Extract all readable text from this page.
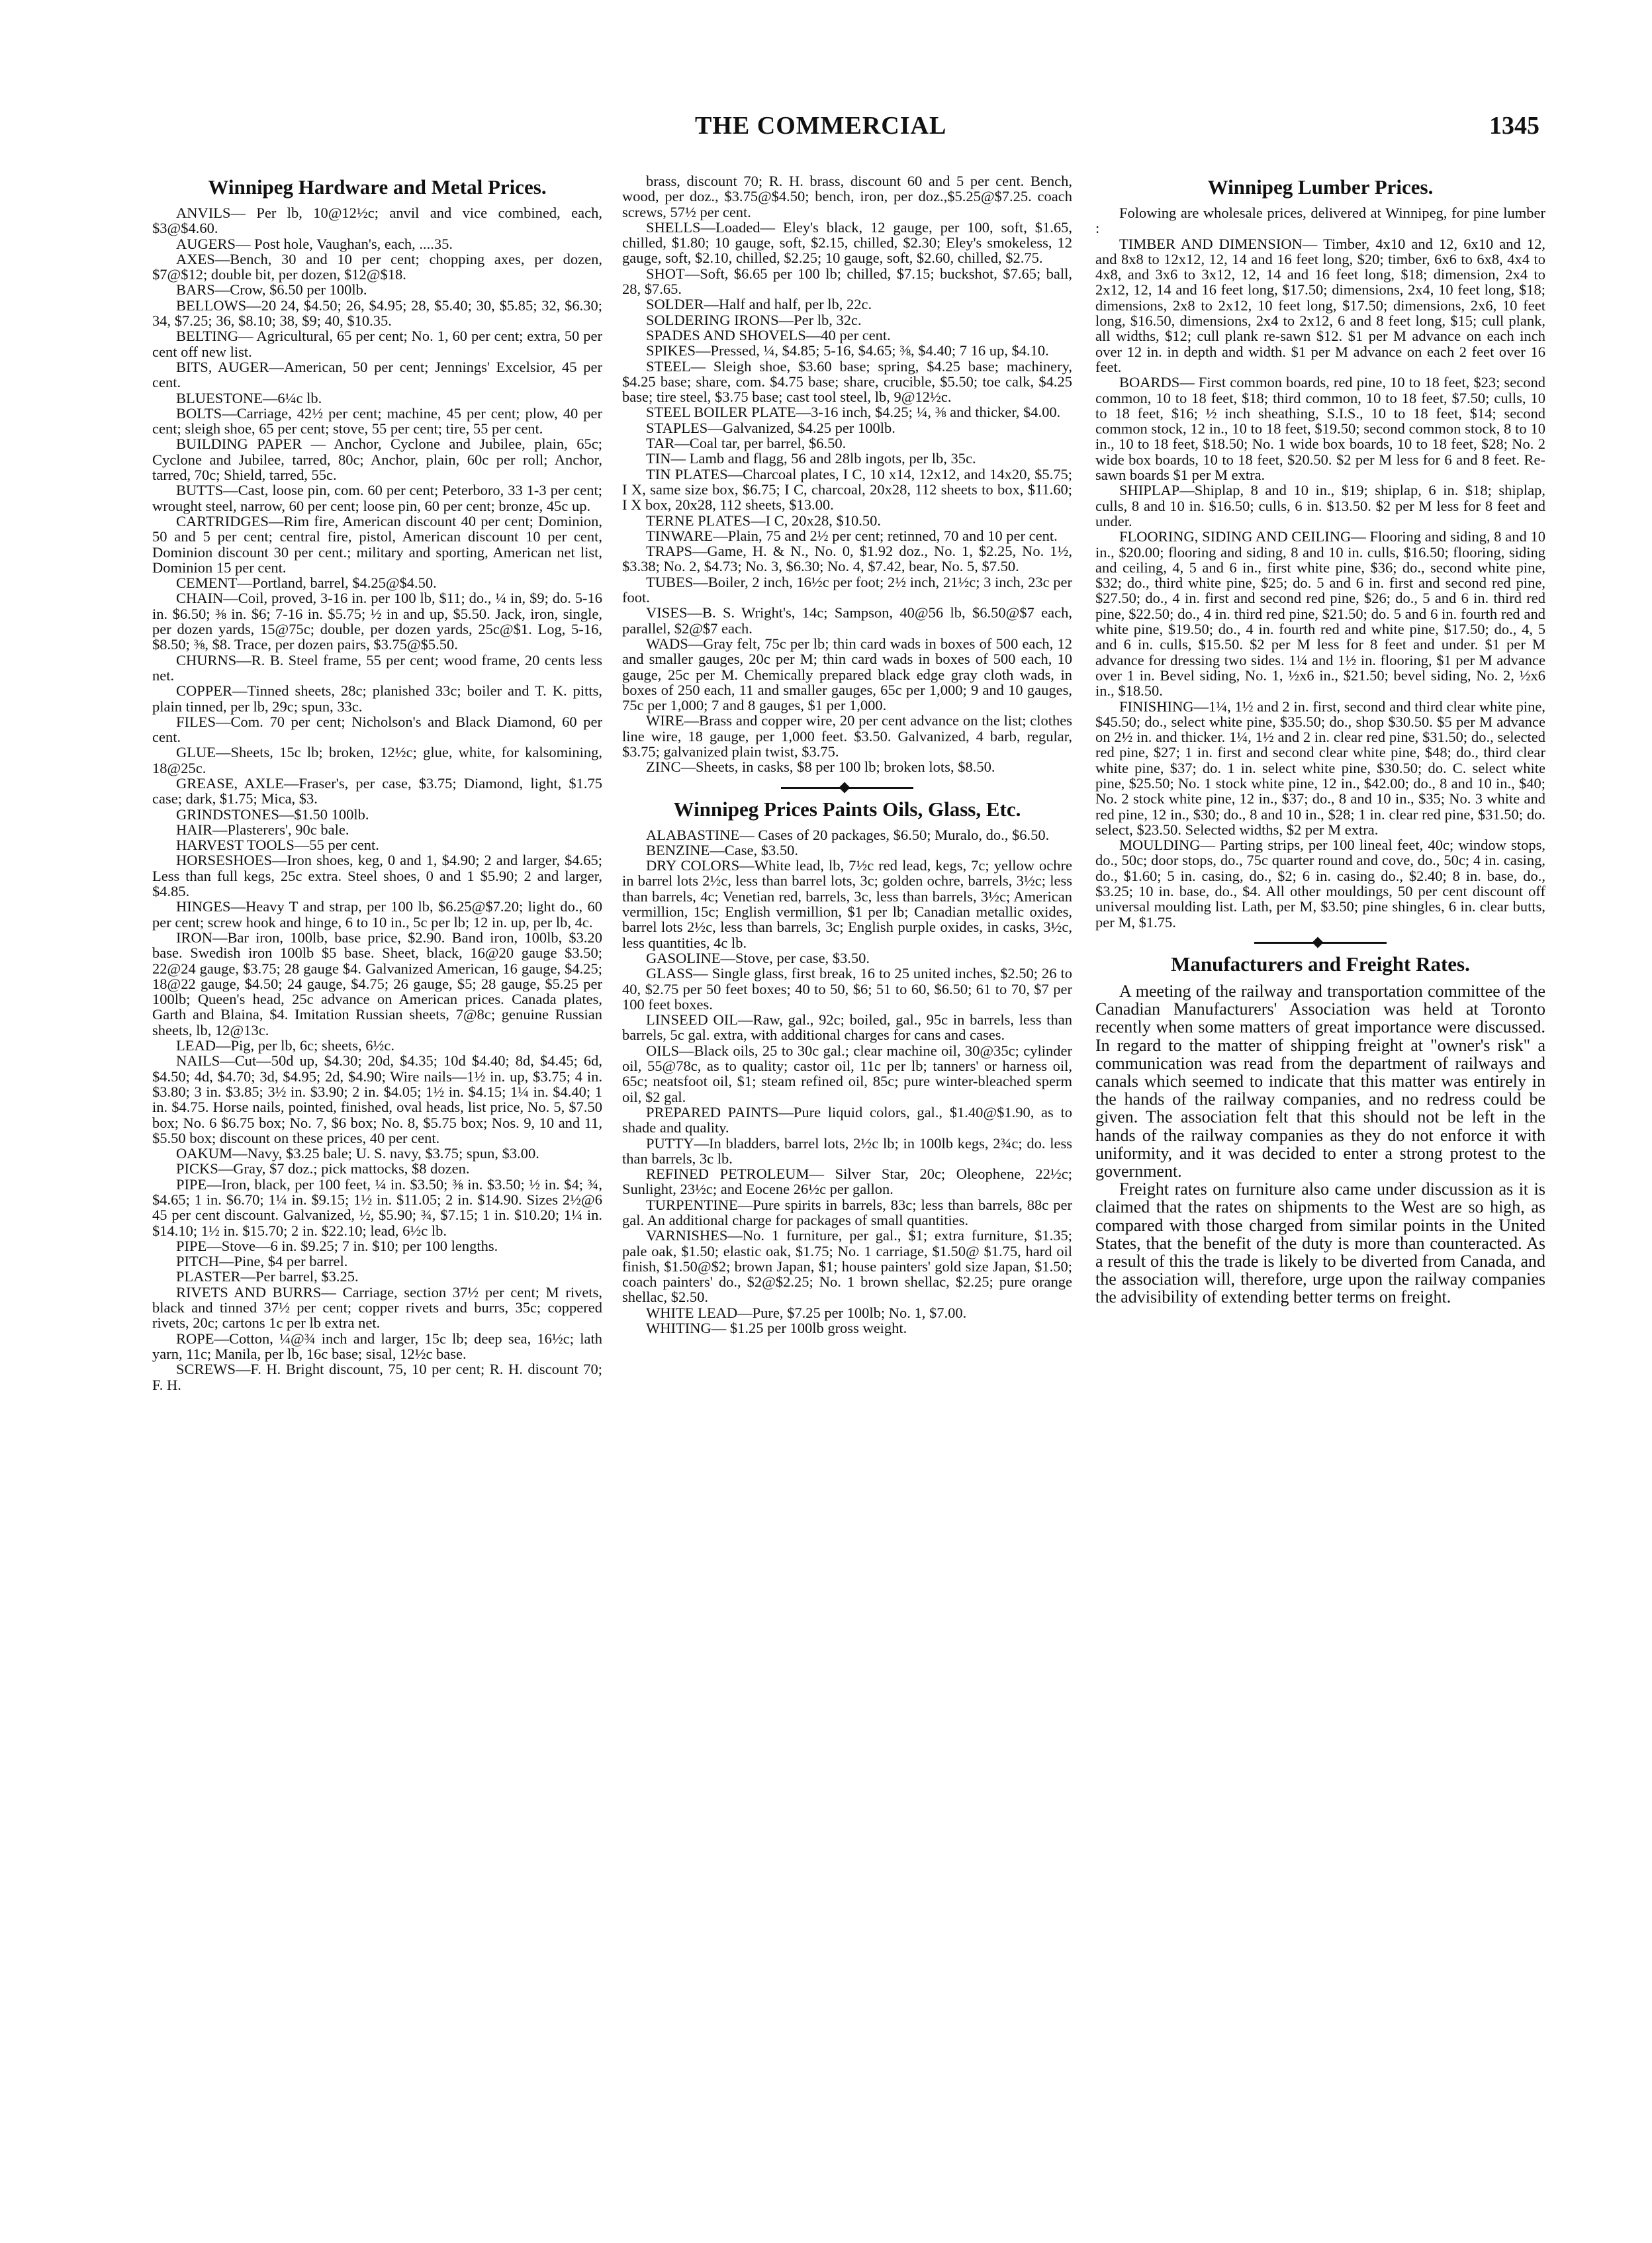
THE COMMERCIAL	1345
Winnipeg Hardware and Metal Prices.

ANVILS— Per lb, 10@12½c; anvil and vice combined, each, $3@$4.60.

AUGERS— Post hole, Vaughan's, each, ....35.

AXES—Bench, 30 and 10 per cent; chopping axes, per dozen, $7@$12; double bit, per dozen, $12@$18.

BARS—Crow, $6.50 per 100lb.

BELLOWS—20 24, $4.50; 26, $4.95; 28, $5.40; 30, $5.85; 32, $6.30; 34, $7.25; 36, $8.10; 38, $9; 40, $10.35.

BELTING— Agricultural, 65 per cent; No. 1, 60 per cent; extra, 50 per cent off new list.

BITS, AUGER—American, 50 per cent; Jennings' Excelsior, 45 per cent.

BLUESTONE—6¼c lb.

BOLTS—Carriage, 42½ per cent; machine, 45 per cent; plow, 40 per cent; sleigh shoe, 65 per cent; stove, 55 per cent; tire, 55 per cent.

BUILDING PAPER — Anchor, Cyclone and Jubilee, plain, 65c; Cyclone and Jubilee, tarred, 80c; Anchor, plain, 60c per roll; Anchor, tarred, 70c; Shield, tarred, 55c.

BUTTS—Cast, loose pin, com. 60 per cent; Peterboro, 33 1-3 per cent; wrought steel, narrow, 60 per cent; loose pin, 60 per cent; bronze, 45c up.

CARTRIDGES—Rim fire, American discount 40 per cent; Dominion, 50 and 5 per cent; central fire, pistol, American discount 10 per cent, Dominion discount 30 per cent.; military and sporting, American net list, Dominion 15 per cent.

CEMENT—Portland, barrel, $4.25@$4.50.

CHAIN—Coil, proved, 3-16 in. per 100 lb, $11; do., ¼ in, $9; do. 5-16 in. $6.50; ⅜ in. $6; 7-16 in. $5.75; ½ in and up, $5.50. Jack, iron, single, per dozen yards, 15@75c; double, per dozen yards, 25c@$1. Log, 5-16, $8.50; ⅜, $8. Trace, per dozen pairs, $3.75@$5.50.

CHURNS—R. B. Steel frame, 55 per cent; wood frame, 20 cents less net.

COPPER—Tinned sheets, 28c; planished 33c; boiler and T. K. pitts, plain tinned, per lb, 29c; spun, 33c.

FILES—Com. 70 per cent; Nicholson's and Black Diamond, 60 per cent.

GLUE—Sheets, 15c lb; broken, 12½c; glue, white, for kalsomining, 18@25c.

GREASE, AXLE—Fraser's, per case, $3.75; Diamond, light, $1.75 case; dark, $1.75; Mica, $3.

GRINDSTONES—$1.50 100lb.

HAIR—Plasterers', 90c bale.

HARVEST TOOLS—55 per cent.

HORSESHOES—Iron shoes, keg, 0 and 1, $4.90; 2 and larger, $4.65; Less than full kegs, 25c extra. Steel shoes, 0 and 1 $5.90; 2 and larger, $4.85.

HINGES—Heavy T and strap, per 100 lb, $6.25@$7.20; light do., 60 per cent; screw hook and hinge, 6 to 10 in., 5c per lb; 12 in. up, per lb, 4c.

IRON—Bar iron, 100lb, base price, $2.90. Band iron, 100lb, $3.20 base. Swedish iron 100lb $5 base. Sheet, black, 16@20 gauge $3.50; 22@24 gauge, $3.75; 28 gauge $4. Galvanized American, 16 gauge, $4.25; 18@22 gauge, $4.50; 24 gauge, $4.75; 26 gauge, $5; 28 gauge, $5.25 per 100lb; Queen's head, 25c advance on American prices. Canada plates, Garth and Blaina, $4. Imitation Russian sheets, 7@8c; genuine Russian sheets, lb, 12@13c.

LEAD—Pig, per lb, 6c; sheets, 6½c.

NAILS—Cut—50d up, $4.30; 20d, $4.35; 10d $4.40; 8d, $4.45; 6d, $4.50; 4d, $4.70; 3d, $4.95; 2d, $4.90; Wire nails—1½ in. up, $3.75; 4 in. $3.80; 3 in. $3.85; 3½ in. $3.90; 2 in. $4.05; 1½ in. $4.15; 1¼ in. $4.40; 1 in. $4.75. Horse nails, pointed, finished, oval heads, list price, No. 5, $7.50 box; No. 6 $6.75 box; No. 7, $6 box; No. 8, $5.75 box; Nos. 9, 10 and 11, $5.50 box; discount on these prices, 40 per cent.

OAKUM—Navy, $3.25 bale; U. S. navy, $3.75; spun, $3.00.

PICKS—Gray, $7 doz.; pick mattocks, $8 dozen.

PIPE—Iron, black, per 100 feet, ¼ in. $3.50; ⅜ in. $3.50; ½ in. $4; ¾, $4.65; 1 in. $6.70; 1¼ in. $9.15; 1½ in. $11.05; 2 in. $14.90. Sizes 2½@6 45 per cent discount. Galvanized, ½, $5.90; ¾, $7.15; 1 in. $10.20; 1¼ in. $14.10; 1½ in. $15.70; 2 in. $22.10; lead, 6½c lb.

PIPE—Stove—6 in. $9.25; 7 in. $10; per 100 lengths.

PITCH—Pine, $4 per barrel.

PLASTER—Per barrel, $3.25.

RIVETS AND BURRS— Carriage, section 37½ per cent; M rivets, black and tinned 37½ per cent; copper rivets and burrs, 35c; coppered rivets, 20c; cartons 1c per lb extra net.

ROPE—Cotton, ¼@¾ inch and larger, 15c lb; deep sea, 16½c; lath yarn, 11c; Manila, per lb, 16c base; sisal, 12½c base.

SCREWS—F. H. Bright discount, 75, 10 per cent; R. H. discount 70; F. H.

brass, discount 70; R. H. brass, discount 60 and 5 per cent. Bench, wood, per doz., $3.75@$4.50; bench, iron, per doz.,$5.25@$7.25. coach screws, 57½ per cent.

SHELLS—Loaded— Eley's black, 12 gauge, per 100, soft, $1.65, chilled, $1.80; 10 gauge, soft, $2.15, chilled, $2.30; Eley's smokeless, 12 gauge, soft, $2.10, chilled, $2.25; 10 gauge, soft, $2.60, chilled, $2.75.

SHOT—Soft, $6.65 per 100 lb; chilled, $7.15; buckshot, $7.65; ball, 28, $7.65.

SOLDER—Half and half, per lb, 22c.

SOLDERING IRONS—Per lb, 32c.

SPADES AND SHOVELS—40 per cent.

SPIKES—Pressed, ¼, $4.85; 5-16, $4.65; ⅜, $4.40; 7 16 up, $4.10.

STEEL— Sleigh shoe, $3.60 base; spring, $4.25 base; machinery, $4.25 base; share, com. $4.75 base; share, crucible, $5.50; toe calk, $4.25 base; tire steel, $3.75 base; cast tool steel, lb, 9@12½c.

STEEL BOILER PLATE—3-16 inch, $4.25; ¼, ⅜ and thicker, $4.00.

STAPLES—Galvanized, $4.25 per 100lb.

TAR—Coal tar, per barrel, $6.50.

TIN— Lamb and flagg, 56 and 28lb ingots, per lb, 35c.

TIN PLATES—Charcoal plates, I C, 10 x14, 12x12, and 14x20, $5.75; I X, same size box, $6.75; I C, charcoal, 20x28, 112 sheets to box, $11.60; I X box, 20x28, 112 sheets, $13.00.

TERNE PLATES—I C, 20x28, $10.50.

TINWARE—Plain, 75 and 2½ per cent; retinned, 70 and 10 per cent.

TRAPS—Game, H. & N., No. 0, $1.92 doz., No. 1, $2.25, No. 1½, $3.38; No. 2, $4.73; No. 3, $6.30; No. 4, $7.42, bear, No. 5, $7.50.

TUBES—Boiler, 2 inch, 16½c per foot; 2½ inch, 21½c; 3 inch, 23c per foot.

VISES—B. S. Wright's, 14c; Sampson, 40@56 lb, $6.50@$7 each, parallel, $2@$7 each.

WADS—Gray felt, 75c per lb; thin card wads in boxes of 500 each, 12 and smaller gauges, 20c per M; thin card wads in boxes of 500 each, 10 gauge, 25c per M. Chemically prepared black edge gray cloth wads, in boxes of 250 each, 11 and smaller gauges, 65c per 1,000; 9 and 10 gauges, 75c per 1,000; 7 and 8 gauges, $1 per 1,000.

WIRE—Brass and copper wire, 20 per cent advance on the list; clothes line wire, 18 gauge, per 1,000 feet. $3.50. Galvanized, 4 barb, regular, $3.75; galvanized plain twist, $3.75.

ZINC—Sheets, in casks, $8 per 100 lb; broken lots, $8.50.

Winnipeg Prices Paints Oils, Glass, Etc.

ALABASTINE— Cases of 20 packages, $6.50; Muralo, do., $6.50.

BENZINE—Case, $3.50.

DRY COLORS—White lead, lb, 7½c red lead, kegs, 7c; yellow ochre in barrel lots 2½c, less than barrel lots, 3c; golden ochre, barrels, 3½c; less than barrels, 4c; Venetian red, barrels, 3c, less than barrels, 3½c; American vermillion, 15c; English vermillion, $1 per lb; Canadian metallic oxides, barrel lots 2½c, less than barrels, 3c; English purple oxides, in casks, 3½c, less quantities, 4c lb.

GASOLINE—Stove, per case, $3.50.

GLASS— Single glass, first break, 16 to 25 united inches, $2.50; 26 to 40, $2.75 per 50 feet boxes; 40 to 50, $6; 51 to 60, $6.50; 61 to 70, $7 per 100 feet boxes.

LINSEED OIL—Raw, gal., 92c; boiled, gal., 95c in barrels, less than barrels, 5c gal. extra, with additional charges for cans and cases.

OILS—Black oils, 25 to 30c gal.; clear machine oil, 30@35c; cylinder oil, 55@78c, as to quality; castor oil, 11c per lb; tanners' or harness oil, 65c; neatsfoot oil, $1; steam refined oil, 85c; pure winter-bleached sperm oil, $2 gal.

PREPARED PAINTS—Pure liquid colors, gal., $1.40@$1.90, as to shade and quality.

PUTTY—In bladders, barrel lots, 2½c lb; in 100lb kegs, 2¾c; do. less than barrels, 3c lb.

REFINED PETROLEUM— Silver Star, 20c; Oleophene, 22½c; Sunlight, 23½c; and Eocene 26½c per gallon.

TURPENTINE—Pure spirits in barrels, 83c; less than barrels, 88c per gal. An additional charge for packages of small quantities.

VARNISHES—No. 1 furniture, per gal., $1; extra furniture, $1.35; pale oak, $1.50; elastic oak, $1.75; No. 1 carriage, $1.50@ $1.75, hard oil finish, $1.50@$2; brown Japan, $1; house painters' gold size Japan, $1.50; coach painters' do., $2@$2.25; No. 1 brown shellac, $2.25; pure orange shellac, $2.50.

WHITE LEAD—Pure, $7.25 per 100lb; No. 1, $7.00.

WHITING— $1.25 per 100lb gross weight.

Winnipeg Lumber Prices.

Folowing are wholesale prices, delivered at Winnipeg, for pine lumber :

TIMBER AND DIMENSION— Timber, 4x10 and 12, 6x10 and 12, and 8x8 to 12x12, 12, 14 and 16 feet long, $20; timber, 6x6 to 6x8, 4x4 to 4x8, and 3x6 to 3x12, 12, 14 and 16 feet long, $18; dimension, 2x4 to 2x12, 12, 14 and 16 feet long, $17.50; dimensions, 2x4, 10 feet long, $18; dimensions, 2x8 to 2x12, 10 feet long, $17.50; dimensions, 2x6, 10 feet long, $16.50, dimensions, 2x4 to 2x12, 6 and 8 feet long, $15; cull plank, all widths, $12; cull plank re-sawn $12. $1 per M advance on each inch over 12 in. in depth and width. $1 per M advance on each 2 feet over 16 feet.

BOARDS— First common boards, red pine, 10 to 18 feet, $23; second common, 10 to 18 feet, $18; third common, 10 to 18 feet, $7.50; culls, 10 to 18 feet, $16; ½ inch sheathing, S.I.S., 10 to 18 feet, $14; second common stock, 12 in., 10 to 18 feet, $19.50; second common stock, 8 to 10 in., 10 to 18 feet, $18.50; No. 1 wide box boards, 10 to 18 feet, $28; No. 2 wide box boards, 10 to 18 feet, $20.50. $2 per M less for 6 and 8 feet. Re-sawn boards $1 per M extra.

SHIPLAP—Shiplap, 8 and 10 in., $19; shiplap, 6 in. $18; shiplap, culls, 8 and 10 in. $16.50; culls, 6 in. $13.50. $2 per M less for 8 feet and under.

FLOORING, SIDING AND CEILING— Flooring and siding, 8 and 10 in., $20.00; flooring and siding, 8 and 10 in. culls, $16.50; flooring, siding and ceiling, 4, 5 and 6 in., first white pine, $36; do., second white pine, $32; do., third white pine, $25; do. 5 and 6 in. first and second red pine, $27.50; do., 4 in. first and second red pine, $26; do., 5 and 6 in. third red pine, $22.50; do., 4 in. third red pine, $21.50; do. 5 and 6 in. fourth red and white pine, $19.50; do., 4 in. fourth red and white pine, $17.50; do., 4, 5 and 6 in. culls, $15.50. $2 per M less for 8 feet and under. $1 per M advance for dressing two sides. 1¼ and 1½ in. flooring, $1 per M advance over 1 in. Bevel siding, No. 1, ½x6 in., $21.50; bevel siding, No. 2, ½x6 in., $18.50.

FINISHING—1¼, 1½ and 2 in. first, second and third clear white pine, $45.50; do., select white pine, $35.50; do., shop $30.50. $5 per M advance on 2½ in. and thicker. 1¼, 1½ and 2 in. clear red pine, $31.50; do., selected red pine, $27; 1 in. first and second clear white pine, $48; do., third clear white pine, $37; do. 1 in. select white pine, $30.50; do. C. select white pine, $25.50; No. 1 stock white pine, 12 in., $42.00; do., 8 and 10 in., $40; No. 2 stock white pine, 12 in., $37; do., 8 and 10 in., $35; No. 3 white and red pine, 12 in., $30; do., 8 and 10 in., $28; 1 in. clear red pine, $31.50; do. select, $23.50. Selected widths, $2 per M extra.

MOULDING— Parting strips, per 100 lineal feet, 40c; window stops, do., 50c; door stops, do., 75c quarter round and cove, do., 50c; 4 in. casing, do., $1.60; 5 in. casing, do., $2; 6 in. casing do., $2.40; 8 in. base, do., $3.25; 10 in. base, do., $4. All other mouldings, 50 per cent discount off universal moulding list. Lath, per M, $3.50; pine shingles, 6 in. clear butts, per M, $1.75.

Manufacturers and Freight Rates.

A meeting of the railway and transportation committee of the Canadian Manufacturers' Association was held at Toronto recently when some matters of great importance were discussed. In regard to the matter of shipping freight at "owner's risk" a communication was read from the department of railways and canals which seemed to indicate that this matter was entirely in the hands of the railway companies, and no redress could be given. The association felt that this should not be left in the hands of the railway companies as they do not enforce it with uniformity, and it was decided to enter a strong protest to the government.

Freight rates on furniture also came under discussion as it is claimed that the rates on shipments to the West are so high, as compared with those charged from similar points in the United States, that the benefit of the duty is more than counteracted. As a result of this the trade is likely to be diverted from Canada, and the association will, therefore, urge upon the railway companies the advisibility of extending better terms on freight.
